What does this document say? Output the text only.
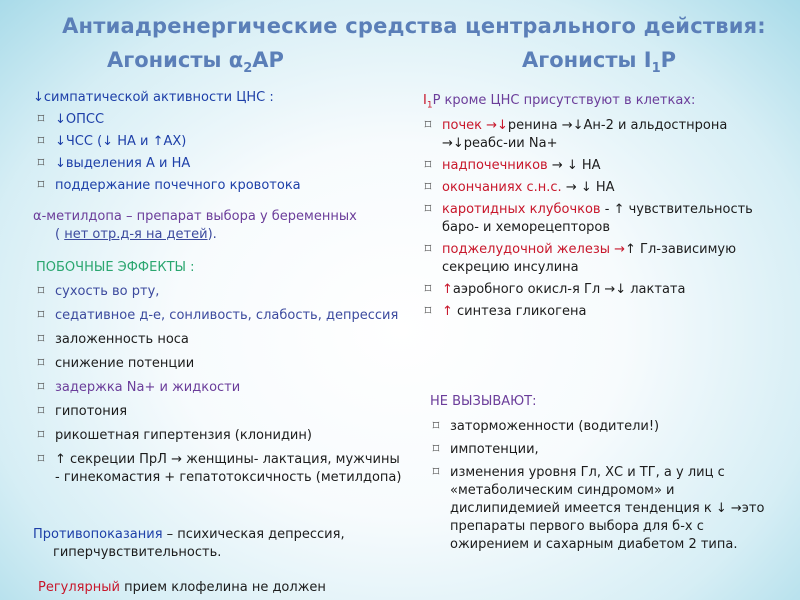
Антиадренергические средства центрального действия:
Агонисты $\alpha_2АР$	Агонисты $I_1Р$
↓симпатической активности ЦНС :
⌑ ↓ОПСС
⌑ ↓ЧСС (↓ НА и ↑АХ)
⌑ ↓выделения А и НА
⌑ поддержание почечного кровотока
α-метилдопа – препарат выбора у беременных
( нет отр.д-я на детей).
ПОБОЧНЫЕ ЭФФЕКТЫ :
⌑ сухость во рту,
⌑ седативное д-е, сонливость, слабость, депрессия
⌑ заложенность носа
⌑ снижение потенции
⌑ задержка Na+ и жидкости
⌑ гипотония
⌑ рикошетная гипертензия (клонидин)
⌑ ↑ секреции ПрЛ → женщины- лактация, мужчины - гинекомастия + гепатотоксичность (метилдопа)
Противопоказания – психическая депрессия,
гиперчувствительность.
Регулярный прием клофелина не должен
$I_1Р$ кроме ЦНС присутствуют в клетках:
⌑ почек →↓ренина →↓Ан-2 и альдостнрона →↓реабс-ии Na+
⌑ надпочечников → ↓ НА
⌑ окончаниях с.н.с. → ↓ НА
⌑ каротидных клубочков - ↑ чувствительность баро- и хеморецепторов
⌑ поджелудочной железы →↑ Гл-зависимую секрецию инсулина
⌑ ↑аэробного окисл-я Гл →↓ лактата
⌑ ↑ синтеза гликогена
НЕ ВЫЗЫВАЮТ:
⌑ заторможенности (водители!)
⌑ импотенции,
⌑ изменения уровня Гл, ХС и ТГ, а у лиц с «метаболическим синдромом» и дислипидемией имеется тенденция к ↓ →это препараты первого выбора для б-х с ожирением и сахарным диабетом 2 типа.
